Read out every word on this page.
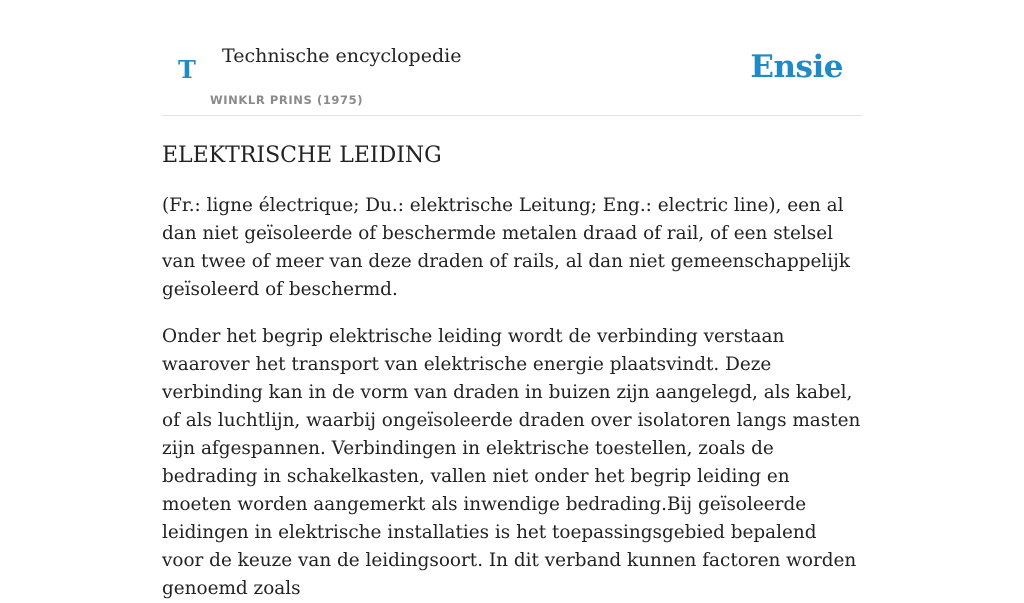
T Technische encyclopedie
WINKLR PRINS (1975)
Ensie
ELEKTRISCHE LEIDING

(Fr.: ligne électrique; Du.: elektrische Leitung; Eng.: electric line), een al dan niet geïsoleerde of beschermde metalen draad of rail, of een stelsel van twee of meer van deze draden of rails, al dan niet gemeenschappelijk geïsoleerd of beschermd.

Onder het begrip elektrische leiding wordt de verbinding verstaan waarover het transport van elektrische energie plaatsvindt. Deze verbinding kan in de vorm van draden in buizen zijn aangelegd, als kabel, of als luchtlijn, waarbij ongeïsoleerde draden over isolatoren langs masten zijn afgespannen. Verbindingen in elektrische toestellen, zoals de bedrading in schakelkasten, vallen niet onder het begrip leiding en moeten worden aangemerkt als inwendige bedrading.Bij geïsoleerde leidingen in elektrische installaties is het toepassingsgebied bepalend voor de keuze van de leidingsoort. In dit verband kunnen factoren worden genoemd zoals
